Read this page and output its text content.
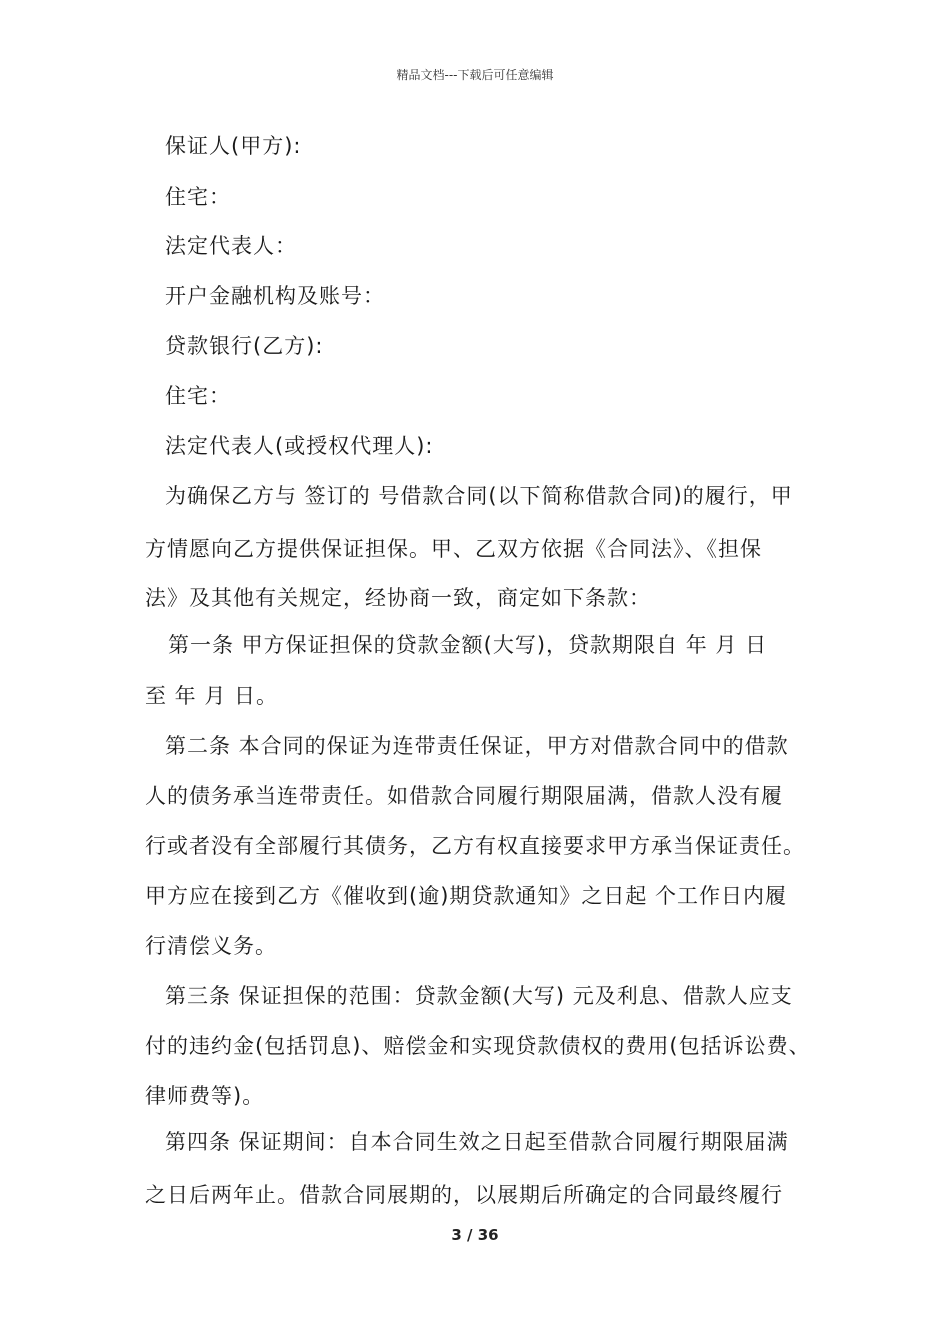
精品文档---下载后可任意编辑
保证人(甲方):
住宅：
法定代表人：
开户金融机构及账号：
贷款银行(乙方):
住宅：
法定代表人(或授权代理人):
为确保乙方与 签订的 号借款合同(以下简称借款合同)的履行，甲
方情愿向乙方提供保证担保。甲、乙双方依据《合同法》、《担保
法》及其他有关规定，经协商一致，商定如下条款：
第一条 甲方保证担保的贷款金额(大写)，贷款期限自 年 月 日
至 年 月 日。
第二条 本合同的保证为连带责任保证，甲方对借款合同中的借款
人的债务承当连带责任。如借款合同履行期限届满，借款人没有履
行或者没有全部履行其债务，乙方有权直接要求甲方承当保证责任。
甲方应在接到乙方《催收到(逾)期贷款通知》之日起 个工作日内履
行清偿义务。
第三条 保证担保的范围：贷款金额(大写) 元及利息、借款人应支
付的违约金(包括罚息)、赔偿金和实现贷款债权的费用(包括诉讼费、
律师费等)。
第四条 保证期间：自本合同生效之日起至借款合同履行期限届满
之日后两年止。借款合同展期的，以展期后所确定的合同最终履行
3 / 36
